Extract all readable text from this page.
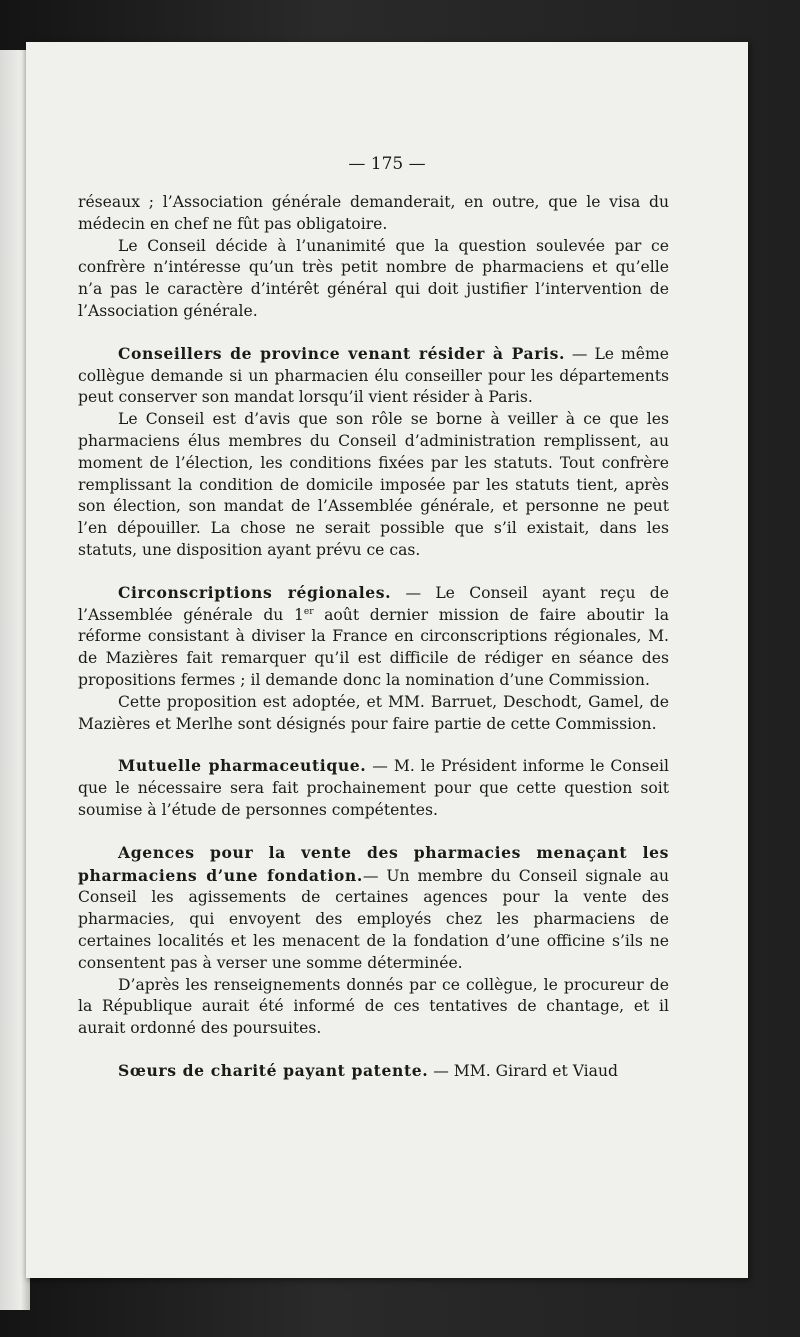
— 175 —

réseaux ; l’Association générale demanderait, en outre, que le visa du médecin en chef ne fût pas obligatoire.

Le Conseil décide à l’unanimité que la question soulevée par ce confrère n’intéresse qu’un très petit nombre de pharmaciens et qu’elle n’a pas le caractère d’intérêt général qui doit justifier l’intervention de l’Association générale.

Conseillers de province venant résider à Paris. — Le même collègue demande si un pharmacien élu conseiller pour les départements peut conserver son mandat lorsqu’il vient résider à Paris.

Le Conseil est d’avis que son rôle se borne à veiller à ce que les pharmaciens élus membres du Conseil d’administration remplissent, au moment de l’élection, les conditions fixées par les statuts. Tout confrère remplissant la condition de domicile imposée par les statuts tient, après son élection, son mandat de l’Assemblée générale, et personne ne peut l’en dépouiller. La chose ne serait possible que s’il existait, dans les statuts, une disposition ayant prévu ce cas.

Circonscriptions régionales. — Le Conseil ayant reçu de l’Assemblée générale du 1er août dernier mission de faire aboutir la réforme consistant à diviser la France en circonscriptions régionales, M. de Mazières fait remarquer qu’il est difficile de rédiger en séance des propositions fermes ; il demande donc la nomination d’une Commission.

Cette proposition est adoptée, et MM. Barruet, Deschodt, Gamel, de Mazières et Merlhe sont désignés pour faire partie de cette Commission.

Mutuelle pharmaceutique. — M. le Président informe le Conseil que le nécessaire sera fait prochainement pour que cette question soit soumise à l’étude de personnes compétentes.

Agences pour la vente des pharmacies menaçant les pharmaciens d’une fondation.— Un membre du Conseil signale au Conseil les agissements de certaines agences pour la vente des pharmacies, qui envoyent des employés chez les pharmaciens de certaines localités et les menacent de la fondation d’une officine s’ils ne consentent pas à verser une somme déterminée.

D’après les renseignements donnés par ce collègue, le procureur de la République aurait été informé de ces tentatives de chantage, et il aurait ordonné des poursuites.

Sœurs de charité payant patente. — MM. Girard et Viaud
